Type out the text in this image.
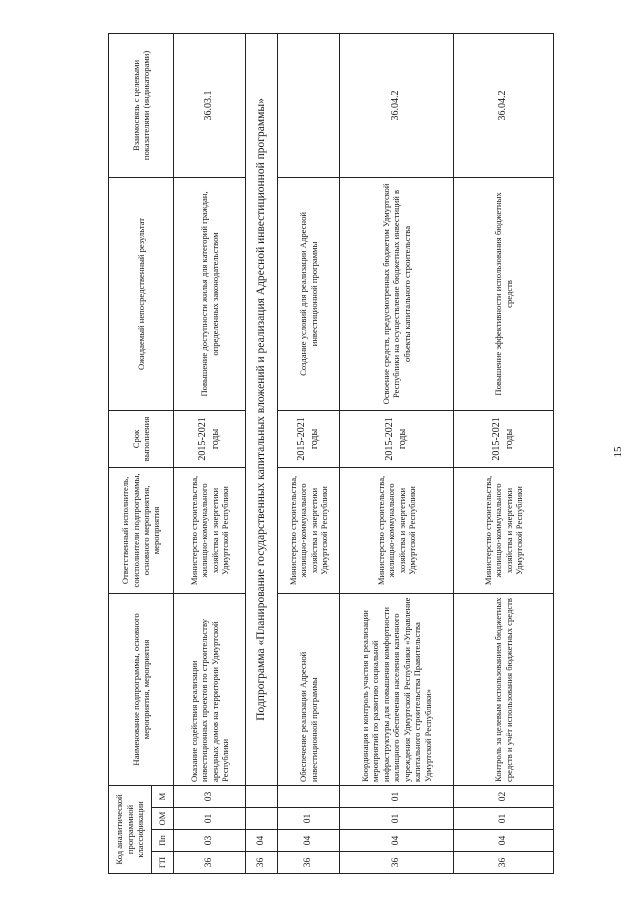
15
Код аналитической программной классификации				Наименование подпрограммы, основного мероприятия, мероприятия	Ответственный исполнитель, соисполнители подпрограммы, основного мероприятия, мероприятия	Срок выполнения	Ожидаемый непосредственный результат	Взаимосвязь с целевыми показателями (индикаторами)
ГП	Пп	ОМ	М					
36	03	01	03	Оказание содействия реализации инвестиционных проектов по строительству арендных домов на территории Удмуртской Республики	Министерство строительства, жилищно-коммунального хозяйства и энергетики Удмуртской Республики	2015-2021 годы	Повышение доступности жилья для категорий граждан, определенных законодательством	36.03.1
36	04			Подпрограмма «Планирование государственных капитальных вложений и реализация Адресной инвестиционной программы»				
36	04	01		Обеспечение реализации Адресной инвестиционной программы	Министерство строительства, жилищно-коммунального хозяйства и энергетики Удмуртской Республики	2015-2021 годы	Создание условий для реализации Адресной инвестиционной программы	
36	04	01	01	Координация и контроль участия в реализации мероприятий по развитию социальной инфраструктуры для повышения комфортности жилищного обеспечения населения казенного учреждения Удмуртской Республики «Управление капитального строительства Правительства Удмуртской Республики»	Министерство строительства, жилищно-коммунального хозяйства и энергетики Удмуртской Республики	2015-2021 годы	Освоение средств, предусмотренных бюджетом Удмуртской Республики на осуществление бюджетных инвестиций в объекты капитального строительства	36.04.2
36	04	01	02	Контроль за целевым использованием бюджетных средств и учёт использования бюджетных средств	Министерство строительства, жилищно-коммунального хозяйства и энергетики Удмуртской Республики	2015-2021 годы	Повышение эффективности использования бюджетных средств	36.04.2
